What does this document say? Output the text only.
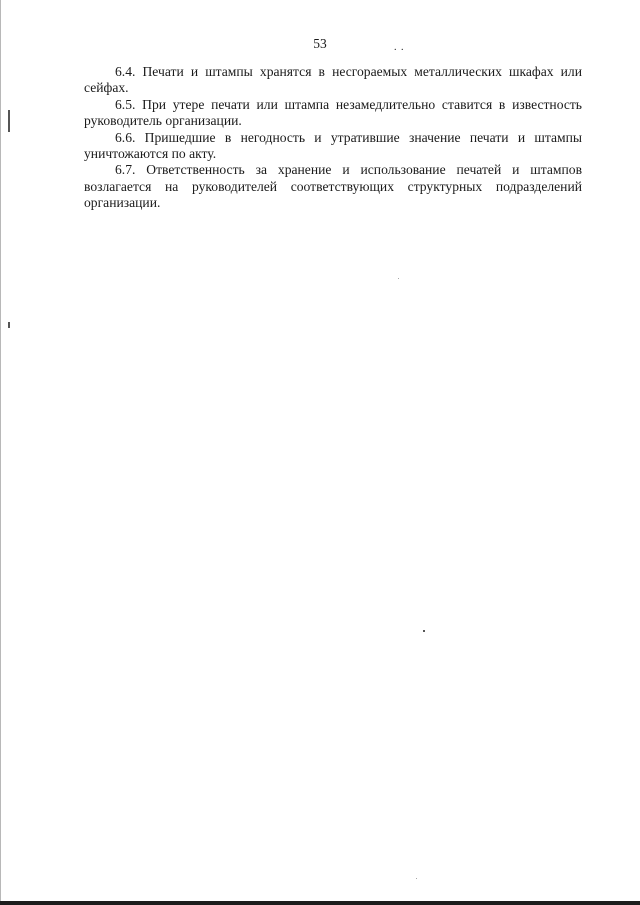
53	. .

6.4. Печати и штампы хранятся в несгораемых металлических шкафах или сейфах.

6.5. При утере печати или штампа незамедлительно ставится в известность руководитель организации.

6.6. Пришедшие в негодность и утратившие значение печати и штампы уничтожаются по акту.

6.7. Ответственность за хранение и использование печатей и штампов возлагается на руководителей соответствующих структурных подразделений организации.
